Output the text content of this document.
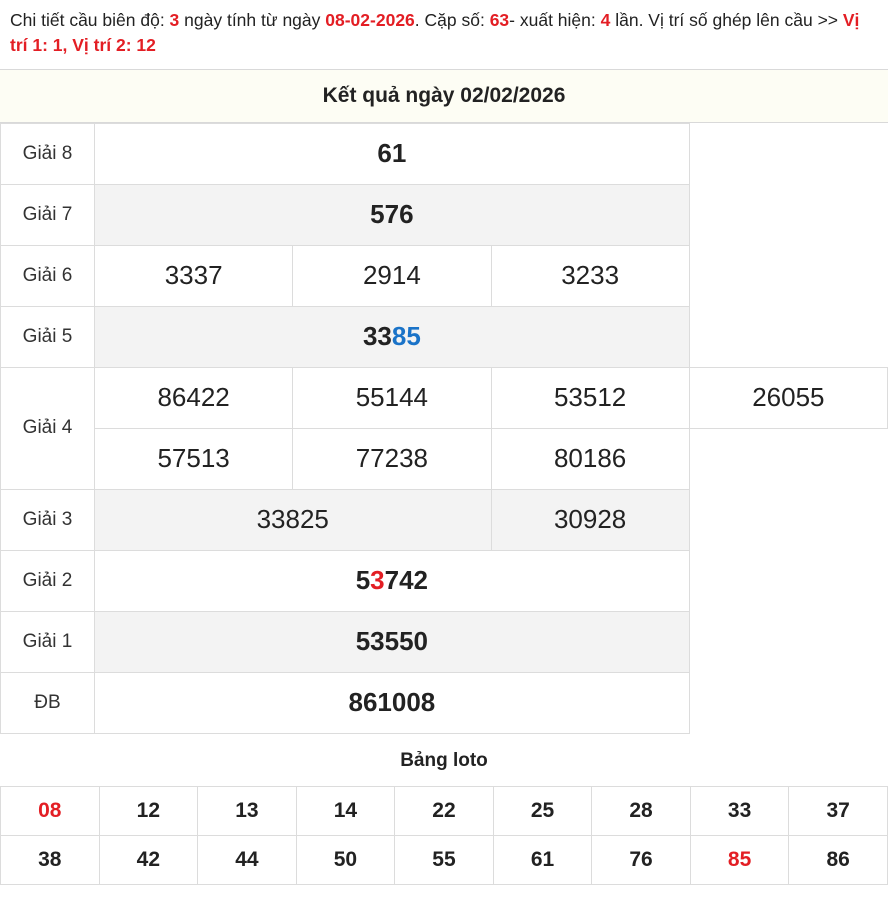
Chi tiết cầu biên độ: 3 ngày tính từ ngày 08-02-2026. Cặp số: 63- xuất hiện: 4 lần. Vị trí số ghép lên cầu >> Vị trí 1: 1, Vị trí 2: 12
Kết quả ngày 02/02/2026
Giải 8	61			
Giải 7	576			
Giải 6	3337	2914	3233	
Giải 5	3385			
Giải 4	86422	55144	53512	26055
	57513	77238	80186	
Giải 3	33825		30928	
Giải 2	53742			
Giải 1	53550			
ĐB	861008			
Bảng loto
08	12	13	14	22	25	28	33	37
38	42	44	50	55	61	76	85	86
